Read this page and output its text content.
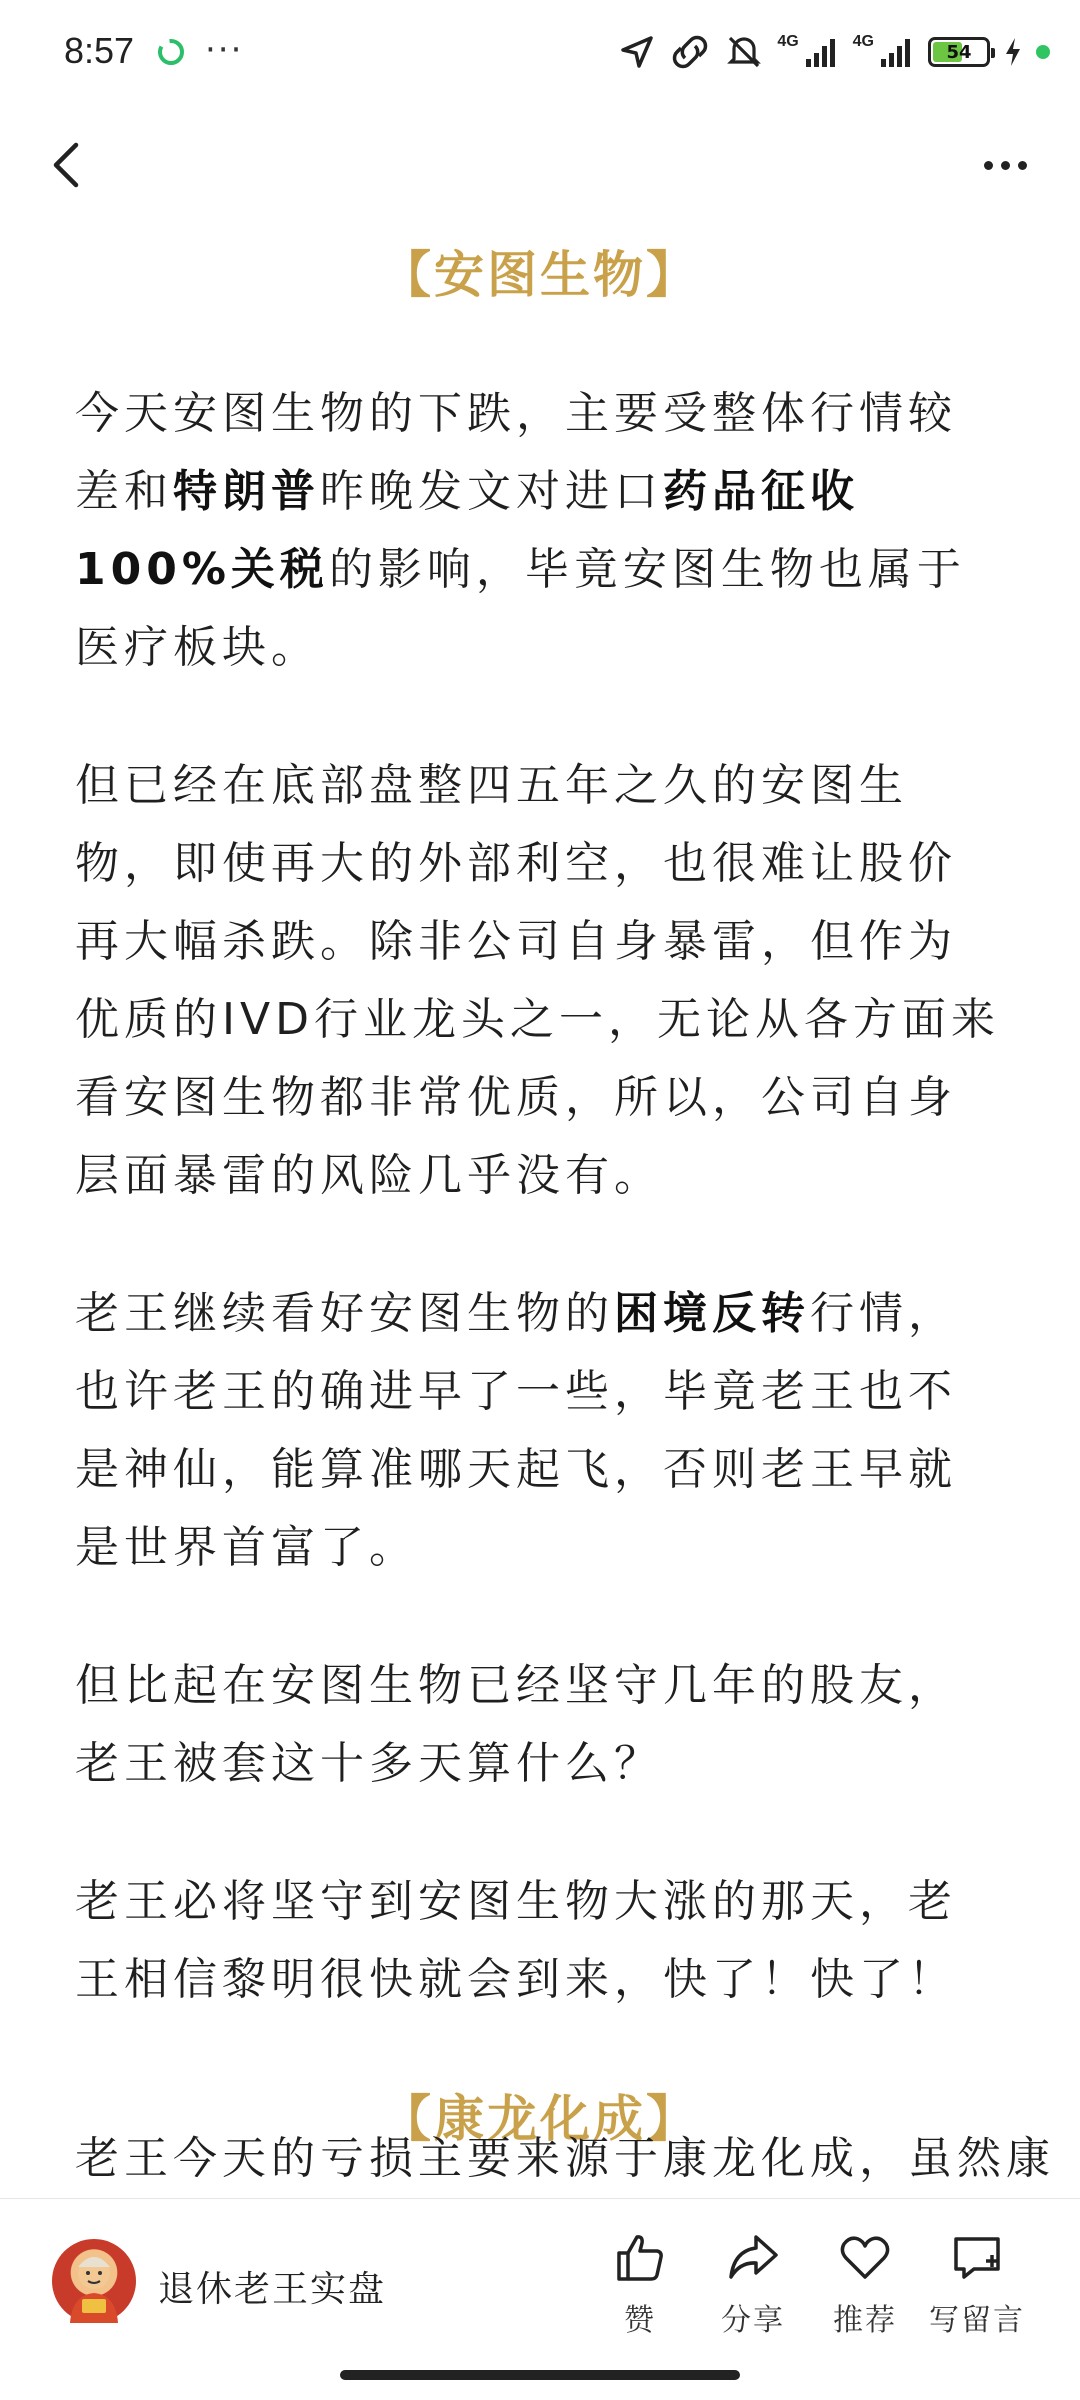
8:57 ···	4G	4G	54
【安图生物】

今天安图生物的下跌，主要受整体行情较差和特朗普昨晚发文对进口药品征收100%关税的影响，毕竟安图生物也属于医疗板块。

但已经在底部盘整四五年之久的安图生物，即使再大的外部利空，也很难让股价再大幅杀跌。除非公司自身暴雷，但作为优质的IVD行业龙头之一，无论从各方面来看安图生物都非常优质，所以，公司自身层面暴雷的风险几乎没有。

老王继续看好安图生物的困境反转行情，也许老王的确进早了一些，毕竟老王也不是神仙，能算准哪天起飞，否则老王早就是世界首富了。

但比起在安图生物已经坚守几年的股友，老王被套这十多天算什么？

老王必将坚守到安图生物大涨的那天，老王相信黎明很快就会到来，快了！快了！

【康龙化成】
老王今天的亏损主要来源于康龙化成，虽然康
退休老王实盘
赞	分享	推荐	写留言
